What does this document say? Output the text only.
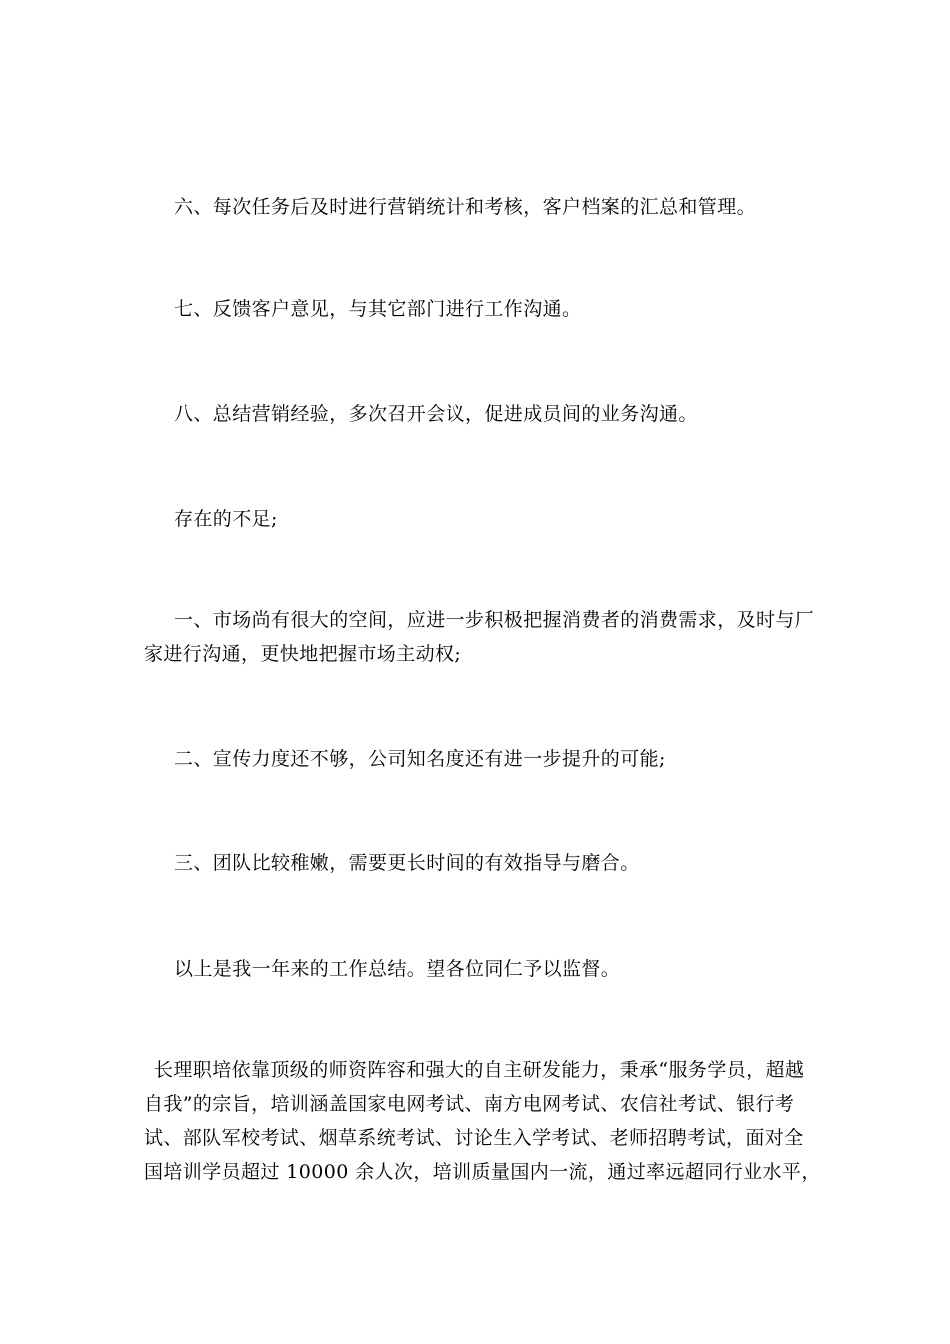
六、每次任务后及时进行营销统计和考核，客户档案的汇总和管理。

七、反馈客户意见，与其它部门进行工作沟通。

八、总结营销经验，多次召开会议，促进成员间的业务沟通。

存在的不足;

一、市场尚有很大的空间，应进一步积极把握消费者的消费需求，及时与厂
家进行沟通，更快地把握市场主动权;

二、宣传力度还不够，公司知名度还有进一步提升的可能;

三、团队比较稚嫩，需要更长时间的有效指导与磨合。

以上是我一年来的工作总结。望各位同仁予以监督。

长理职培依靠顶级的师资阵容和强大的自主研发能力，秉承“服务学员，超越
自我”的宗旨，培训涵盖国家电网考试、南方电网考试、农信社考试、银行考
试、部队军校考试、烟草系统考试、讨论生入学考试、老师招聘考试，面对全
国培训学员超过 10000 余人次，培训质量国内一流，通过率远超同行业水平，
